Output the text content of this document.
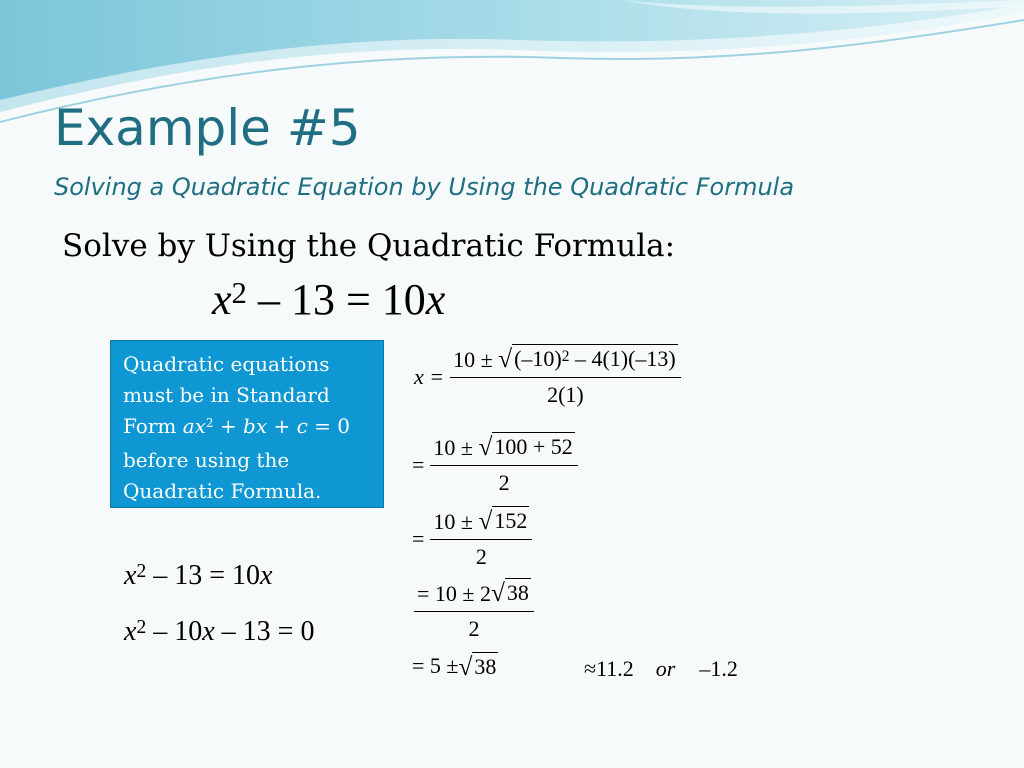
Example #5
Solving a Quadratic Equation by Using the Quadratic Formula
Solve by Using the Quadratic Formula:
$x^2 - 13 = 10x$
Quadratic equations
must be in Standard
Form $ax^2$ + bx + c = 0
before using the
Quadratic Formula.
$x^2 - 13 = 10x$
$x^2 - 10x - 13 = 0$
$x = \frac{10 \pm √ (-10)^2 - 4(1)(-13)}{2(1)}$
= $\frac{10 \pm √ 100 + 52}{2}$
= $\frac{10 \pm √ 152}{2}$
$\frac{= 10 \pm 2 √ 38}{2}$
= 5 ± √ 38	≈ 11.2 or –1.2
